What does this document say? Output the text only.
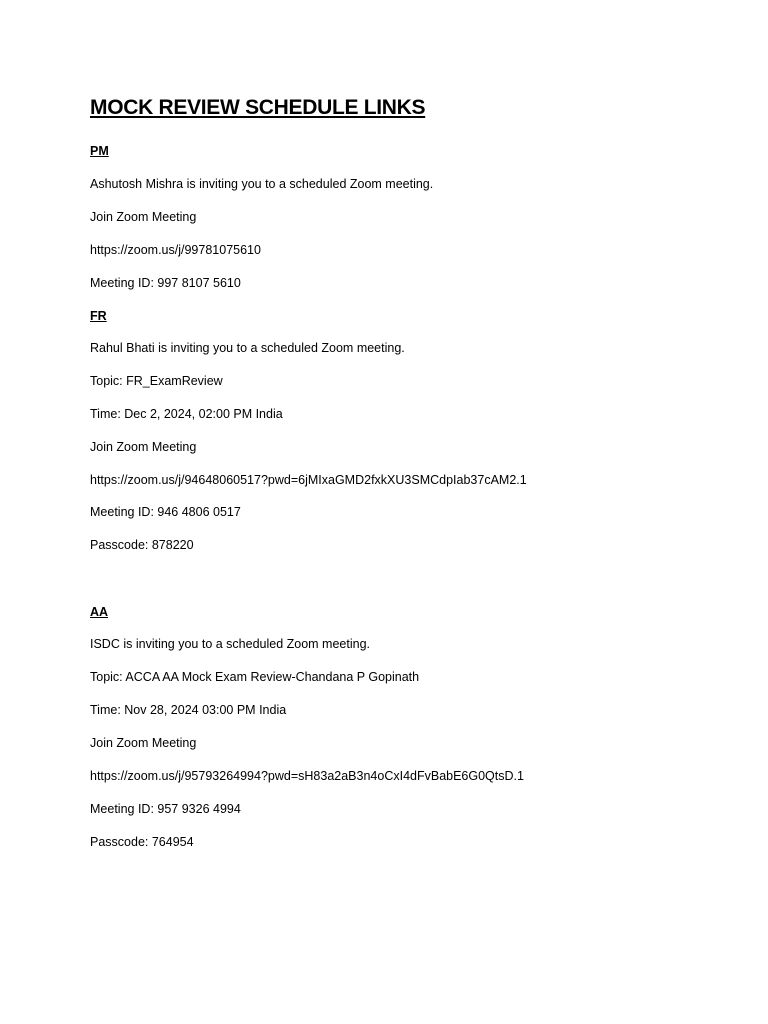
MOCK REVIEW SCHEDULE LINKS

PM

Ashutosh Mishra is inviting you to a scheduled Zoom meeting.

Join Zoom Meeting

https://zoom.us/j/99781075610

Meeting ID: 997 8107 5610

FR

Rahul Bhati is inviting you to a scheduled Zoom meeting.

Topic: FR_ExamReview

Time: Dec 2, 2024, 02:00 PM India

Join Zoom Meeting

https://zoom.us/j/94648060517?pwd=6jMIxaGMD2fxkXU3SMCdpIab37cAM2.1

Meeting ID: 946 4806 0517

Passcode: 878220

AA

ISDC is inviting you to a scheduled Zoom meeting.

Topic: ACCA AA Mock Exam Review-Chandana P Gopinath

Time: Nov 28, 2024 03:00 PM India

Join Zoom Meeting

https://zoom.us/j/95793264994?pwd=sH83a2aB3n4oCxI4dFvBabE6G0QtsD.1

Meeting ID: 957 9326 4994

Passcode: 764954
